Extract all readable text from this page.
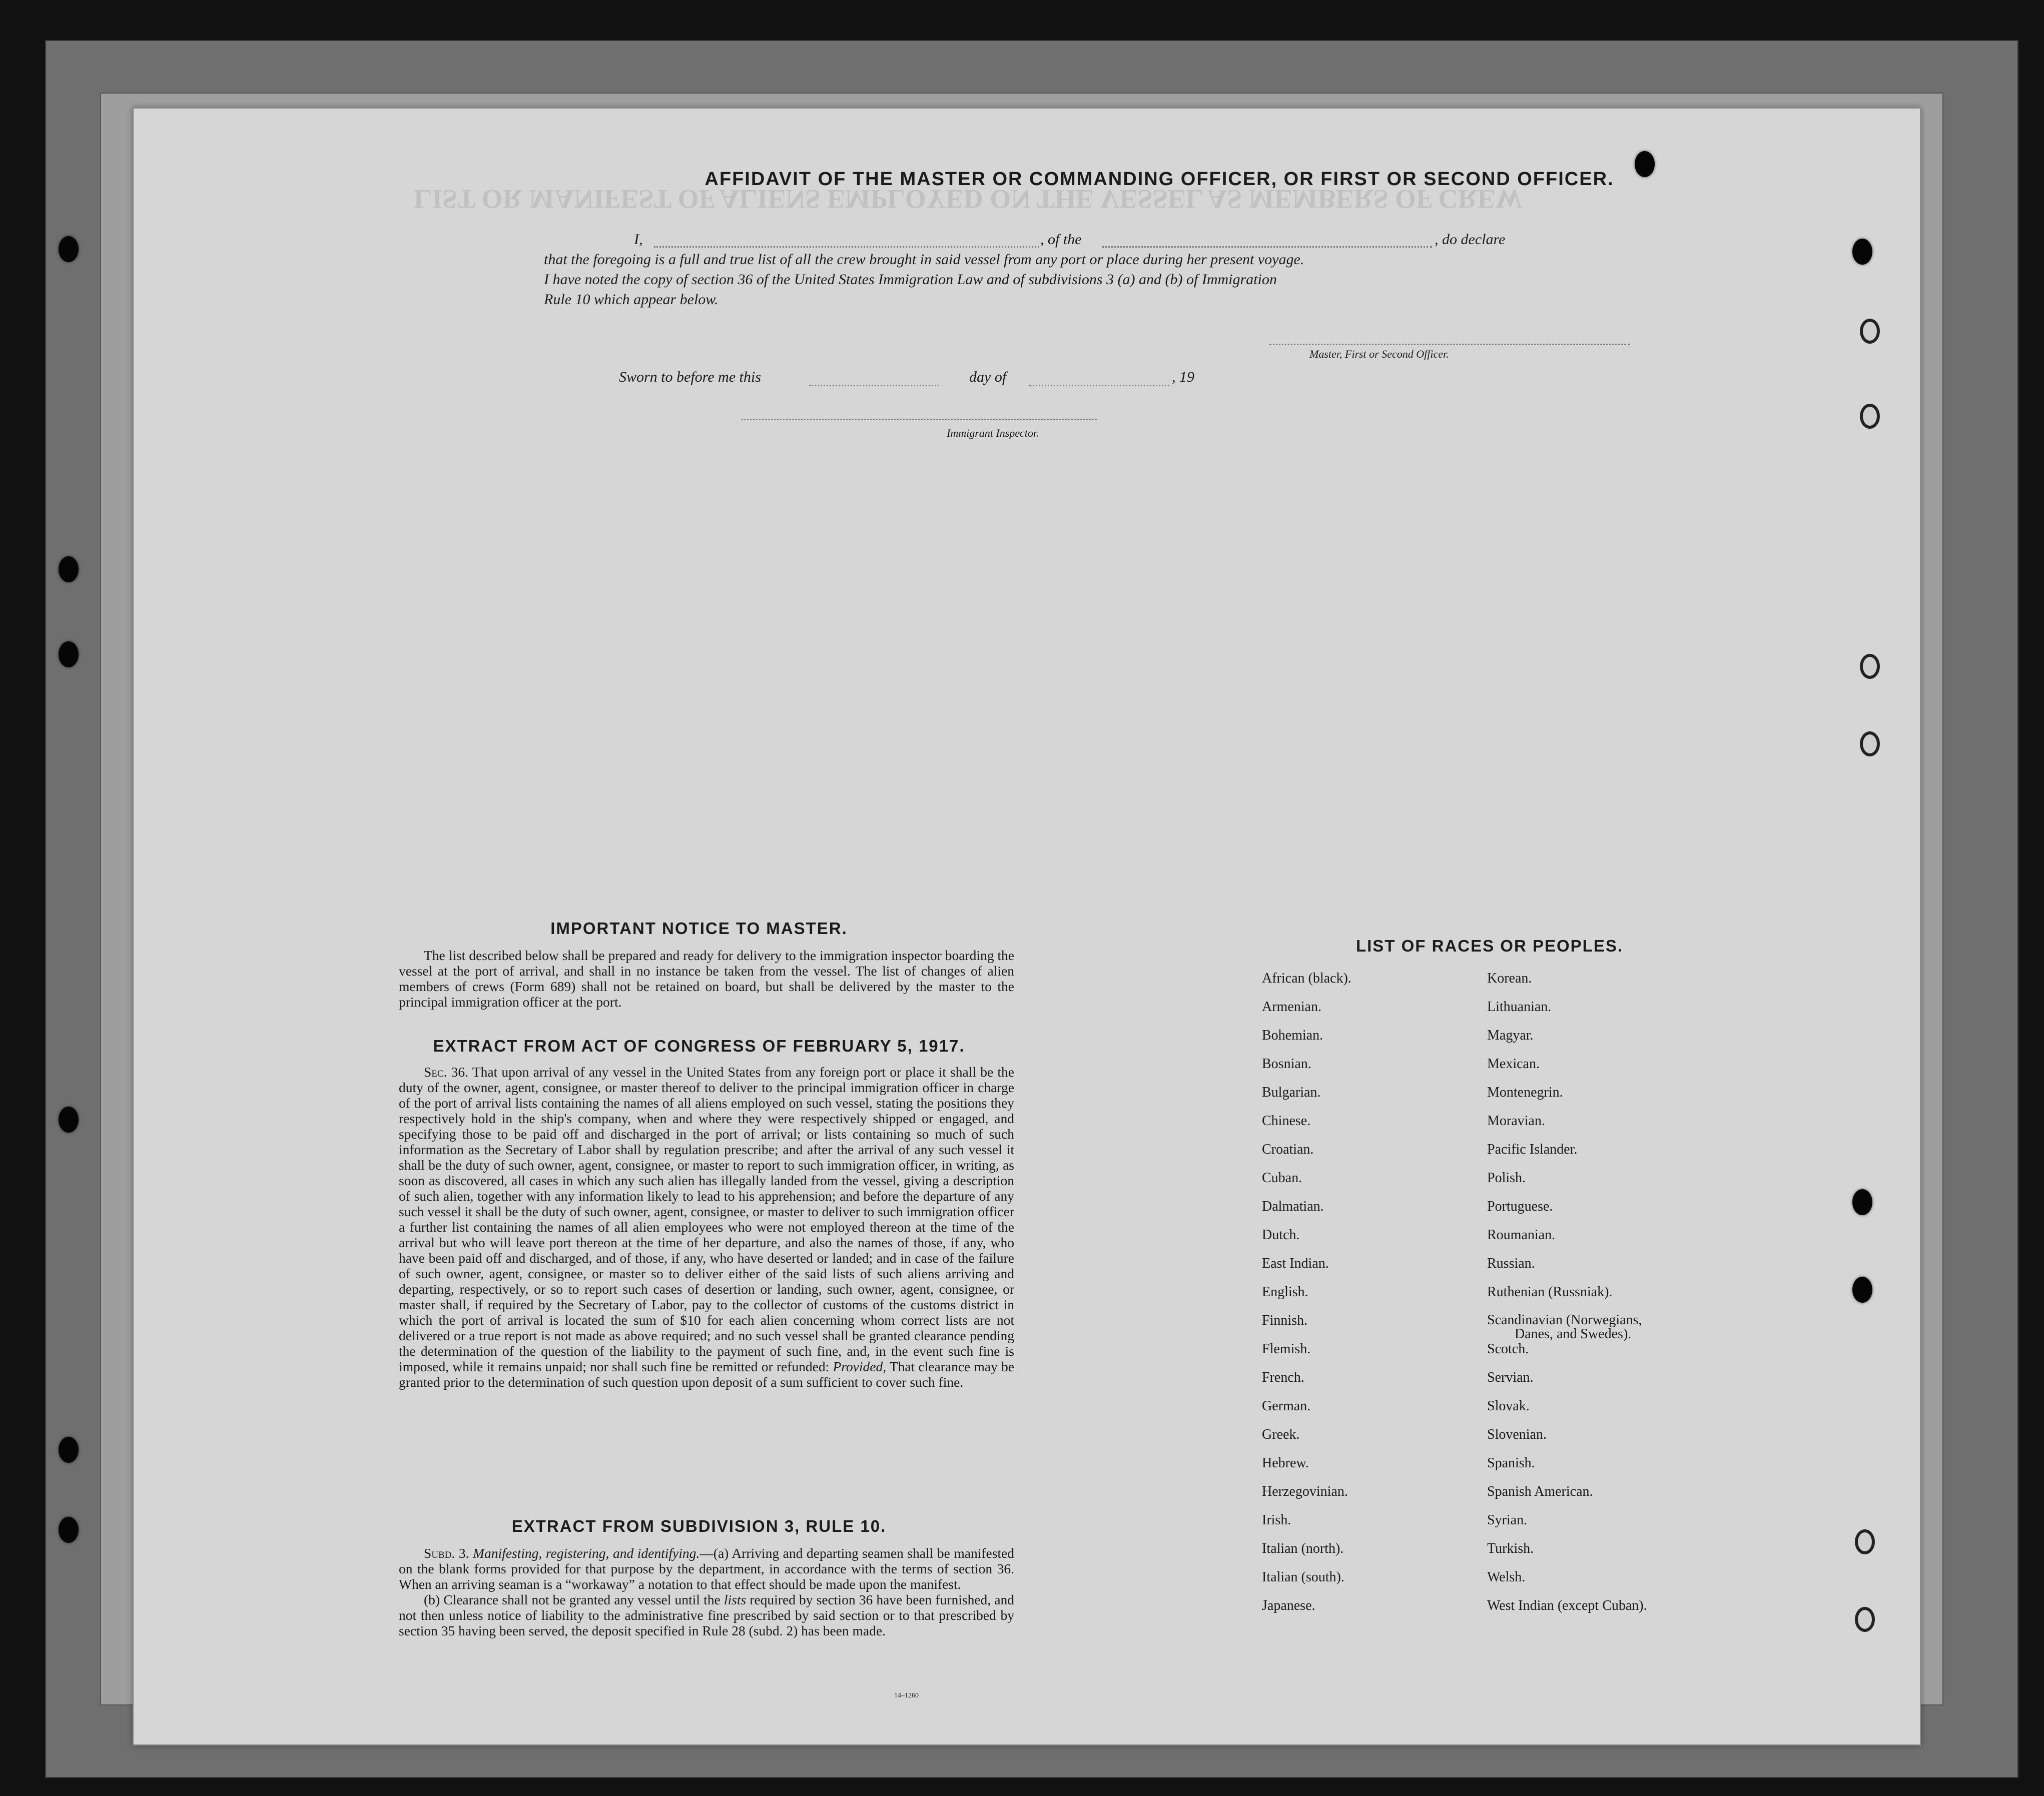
LIST OR MANIFEST OF ALIENS EMPLOYED ON THE VESSEL AS MEMBERS OF CREW
AFFIDAVIT OF THE MASTER OR COMMANDING OFFICER, OR FIRST OR SECOND OFFICER.
I,	, of the	, do declare
that the foregoing is a full and true list of all the crew brought in said vessel from any port or place during her present voyage.
I have noted the copy of section 36 of the United States Immigration Law and of subdivisions 3 (a) and (b) of Immigration
Rule 10 which appear below.
Master, First or Second Officer.
Sworn to before me this	day of	, 19
Immigrant Inspector.
IMPORTANT NOTICE TO MASTER.

The list described below shall be prepared and ready for delivery to the immigration inspector boarding the vessel at the port of arrival, and shall in no instance be taken from the vessel. The list of changes of alien members of crews (Form 689) shall not be retained on board, but shall be delivered by the master to the principal immigration officer at the port.

EXTRACT FROM ACT OF CONGRESS OF FEBRUARY 5, 1917.

Sec. 36. That upon arrival of any vessel in the United States from any foreign port or place it shall be the duty of the owner, agent, consignee, or master thereof to deliver to the principal immigration officer in charge of the port of arrival lists containing the names of all aliens employed on such vessel, stating the positions they respectively hold in the ship's company, when and where they were respectively shipped or engaged, and specifying those to be paid off and discharged in the port of arrival; or lists containing so much of such information as the Secretary of Labor shall by regulation prescribe; and after the arrival of any such vessel it shall be the duty of such owner, agent, consignee, or master to report to such immigration officer, in writing, as soon as discovered, all cases in which any such alien has illegally landed from the vessel, giving a description of such alien, together with any information likely to lead to his apprehension; and before the departure of any such vessel it shall be the duty of such owner, agent, consignee, or master to deliver to such immigration officer a further list containing the names of all alien employees who were not employed thereon at the time of the arrival but who will leave port thereon at the time of her departure, and also the names of those, if any, who have been paid off and discharged, and of those, if any, who have deserted or landed; and in case of the failure of such owner, agent, consignee, or master so to deliver either of the said lists of such aliens arriving and departing, respectively, or so to report such cases of desertion or landing, such owner, agent, consignee, or master shall, if required by the Secretary of Labor, pay to the collector of customs of the customs district in which the port of arrival is located the sum of $10 for each alien concerning whom correct lists are not delivered or a true report is not made as above required; and no such vessel shall be granted clearance pending the determination of the question of the liability to the payment of such fine, and, in the event such fine is imposed, while it remains unpaid; nor shall such fine be remitted or refunded: Provided, That clearance may be granted prior to the determination of such question upon deposit of a sum sufficient to cover such fine.

EXTRACT FROM SUBDIVISION 3, RULE 10.

Subd. 3. Manifesting, registering, and identifying.—(a) Arriving and departing seamen shall be manifested on the blank forms provided for that purpose by the department, in accordance with the terms of section 36. When an arriving seaman is a “workaway” a notation to that effect should be made upon the manifest.

(b) Clearance shall not be granted any vessel until the lists required by section 36 have been furnished, and not then unless notice of liability to the administrative fine prescribed by said section or to that prescribed by section 35 having been served, the deposit specified in Rule 28 (subd. 2) has been made.

14–1260
LIST OF RACES OR PEOPLES.
African (black).
Armenian.
Bohemian.
Bosnian.
Bulgarian.
Chinese.
Croatian.
Cuban.
Dalmatian.
Dutch.
East Indian.
English.
Finnish.
Flemish.
French.
German.
Greek.
Hebrew.
Herzegovinian.
Irish.
Italian (north).
Italian (south).
Japanese.
Korean.
Lithuanian.
Magyar.
Mexican.
Montenegrin.
Moravian.
Pacific Islander.
Polish.
Portuguese.
Roumanian.
Russian.
Ruthenian (Russniak).
Scandinavian (Norwegians,
Danes, and Swedes).
Scotch.
Servian.
Slovak.
Slovenian.
Spanish.
Spanish American.
Syrian.
Turkish.
Welsh.
West Indian (except Cuban).
